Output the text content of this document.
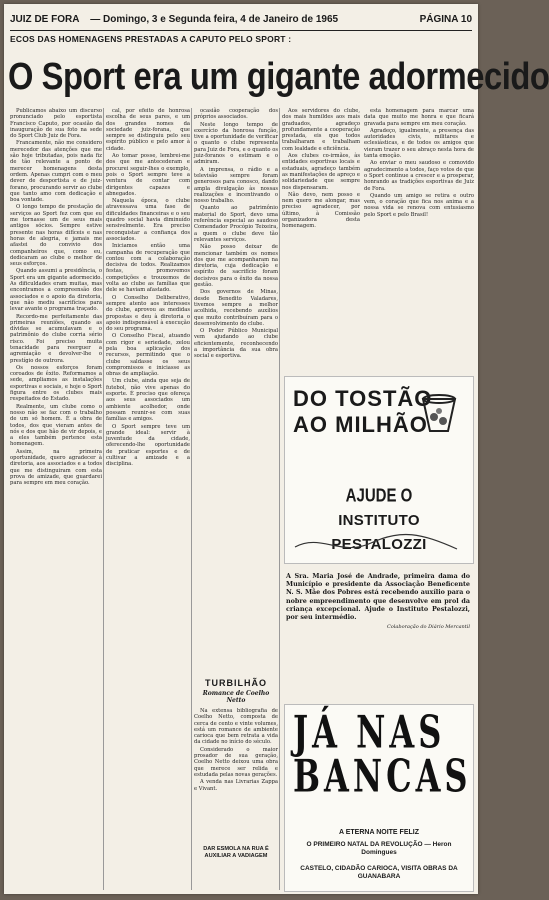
JUIZ DE FORA — Domingo, 3 e Segunda feira, 4 de Janeiro de 1965	PÁGINA 10
ECOS DAS HOMENAGENS PRESTADAS A CAPUTO PELO SPORT :
O Sport era um gigante adormecido

Publicamos abaixo um discurso pronunciado pelo esportista Francisco Caputo, por ocasião da inauguração de sua foto na sede do Sport Club Juiz de Fora.

Francamente, não me considero merecedor das atenções que me são hoje tributadas, pois nada fiz de tão relevante a ponto de merecer homenagens desta ordem. Apenas cumpri com o meu dever de desportista e de juiz-forano, procurando servir ao clube que tanto amo com dedicação e boa vontade.

O longo tempo de prestação de serviços ao Sport fez com que eu me tornasse um de seus mais antigos sócios. Sempre estive presente nas horas difíceis e nas horas de alegria, e jamais me afastei do convívio dos companheiros que, como eu, dedicaram ao clube o melhor de seus esforços.

Quando assumi a presidência, o Sport era um gigante adormecido. As dificuldades eram muitas, mas encontramos a compreensão dos associados e o apoio da diretoria, que não mediu sacrifícios para levar avante o programa traçado.

Recordo-me perfeitamente das primeiras reuniões, quando as dívidas se acumulavam e o patrimônio do clube corria sério risco. Foi preciso muita tenacidade para reerguer a agremiação e devolver-lhe o prestígio de outrora.

Os nossos esforços foram coroados de êxito. Reformamos a sede, ampliamos as instalações esportivas e sociais, e hoje o Sport figura entre os clubes mais respeitados do Estado.

Realmente, um clube como o nosso não se faz com o trabalho de um só homem. É a obra de todos, dos que vieram antes de nós e dos que hão de vir depois, e a eles também pertence esta homenagem.

Assim, na primeira oportunidade, quero agradecer à diretoria, aos associados e a todos que me distinguiram com esta prova de amizade, que guardarei para sempre em meu coração.

cal, por efeito de honrosa escolha de seus pares, e um dos grandes nomes da sociedade juiz-forana, que sempre se distinguiu pelo seu espírito público e pelo amor à cidade.

Ao tomar posse, lembrei-me dos que me antecederam e procurei seguir-lhes o exemplo, pois o Sport sempre teve a ventura de contar com dirigentes capazes e abnegados.

Naquela época, o clube atravessava uma fase de dificuldades financeiras e o seu quadro social havia diminuído sensivelmente. Era preciso reconquistar a confiança dos associados.

Iniciamos então uma campanha de recuperação que contou com a colaboração decisiva de todos. Realizamos festas, promovemos competições e trouxemos de volta ao clube as famílias que dele se haviam afastado.

O Conselho Deliberativo, sempre atento aos interesses do clube, aprovou as medidas propostas e deu à diretoria o apoio indispensável à execução do seu programa.

O Conselho Fiscal, atuando com rigor e seriedade, zelou pela boa aplicação dos recursos, permitindo que o clube saldasse os seus compromissos e iniciasse as obras de ampliação.

Um clube, ainda que seja de futebol, não vive apenas do esporte. É preciso que ofereça aos seus associados um ambiente acolhedor, onde possam reunir-se com suas famílias e amigos.

O Sport sempre teve um grande ideal: servir à juventude da cidade, oferecendo-lhe oportunidade de praticar esportes e de cultivar a amizade e a disciplina.

ocasião cooperação dos próprios associados.

Neste longo tempo de exercício da honrosa função, tive a oportunidade de verificar o quanto o clube representa para Juiz de Fora, e o quanto os juiz-foranos o estimam e o admiram.

A imprensa, o rádio e a televisão sempre foram generosos para conosco, dando ampla divulgação às nossas realizações e incentivando o nosso trabalho.

Quanto ao patrimônio material do Sport, devo uma referência especial ao saudoso Comendador Procópio Teixeira, a quem o clube deve tão relevantes serviços.

Não posso deixar de mencionar também os nomes dos que me acompanharam na diretoria, cuja dedicação e espírito de sacrifício foram decisivos para o êxito da nossa gestão.

Dos governos de Minas, desde Benedito Valadares, tivemos sempre a melhor acolhida, recebendo auxílios que muito contribuíram para o desenvolvimento do clube.

O Poder Público Municipal vem ajudando ao clube eficientemente, reconhecendo a importância da sua obra social e esportiva.

Aos servidores do clube, dos mais humildes aos mais graduados, agradeço profundamente a cooperação prestada, eis que todos trabalharam e trabalham com lealdade e eficiência.

Aos clubes co-irmãos, às entidades esportivas locais e estaduais, agradeço também as manifestações de apreço e solidariedade que sempre nos dispensaram.

Não devo, nem posso e nem quero me alongar, mas preciso agradecer, por último, à Comissão organizadora desta homenagem.

esta homenagem para marcar uma data que muito me honra e que ficará gravada para sempre em meu coração.

Agradeço, igualmente, a presença das autoridades civis, militares e eclesiásticas, e de todos os amigos que vieram trazer o seu abraço nesta hora de tanta emoção.

Ao enviar o meu saudoso e comovido agradecimento a todos, faço votos de que o Sport continue a crescer e a prosperar, honrando as tradições esportivas de Juiz de Fora.

Quando um amigo se retira e outro vem, o coração que fica nos anima e a nossa vida se renova com entusiasmo pelo Sport e pelo Brasil!

TURBILHÃO
Romance de Coelho Netto

Na extensa bibliografia de Coelho Netto, composta de cerca de cento e vinte volumes, está um romance de ambiente carioca que bem retrata a vida da cidade no início do século.

Considerado o maior prosador de sua geração, Coelho Netto deixou uma obra que merece ser relida e estudada pelas novas gerações.

A venda nas Livrarias Zappa e Vivant.

DAR ESMOLA NA RUA É AUXILIAR A VADIAGEM
DO TOSTÃO
AO MILHÃO
AJUDE O
INSTITUTO PESTALOZZI
A Sra. Maria José de Andrade, primeira dama do Município e presidente da Associação Beneficente N. S. Mãe dos Pobres está recebendo auxílio para o nobre empreendimento que desenvolve em prol da criança excepcional. Ajude o Instituto Pestalozzi, por seu intermédio.
Colaboração do Diário Mercantil
JÁ NAS
BANCAS
A ETERNA NOITE FELIZ
O PRIMEIRO NATAL DA REVOLUÇÃO — Heron Domingues
CASTELO, CIDADÃO CARIOCA, VISITA OBRAS DA GUANABARA
